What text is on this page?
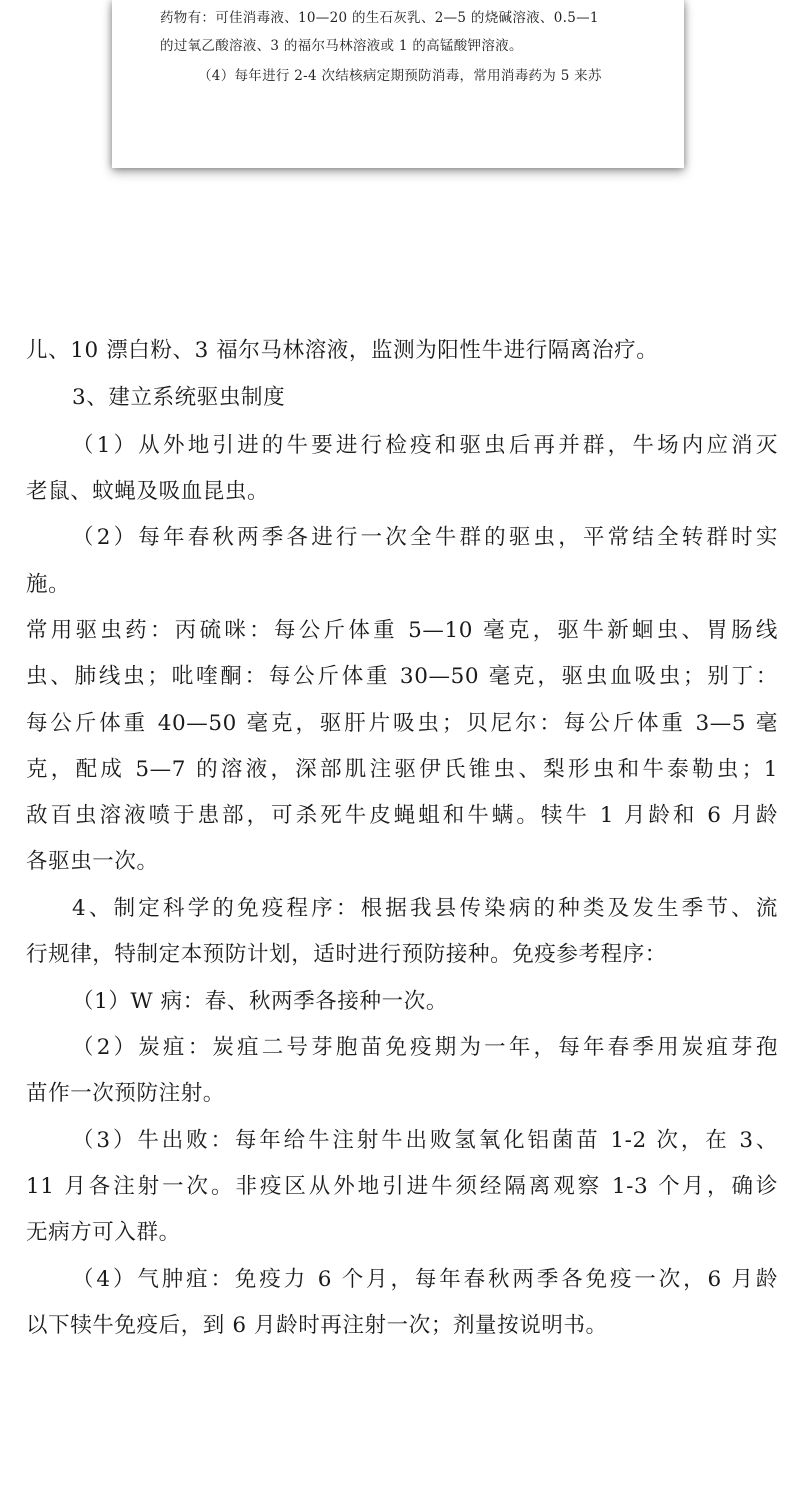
药物有：可佳消毒液、10—20 的生石灰乳、2—5 的烧碱溶液、0.5—1
的过氧乙酸溶液、3 的福尔马林溶液或 1 的高锰酸钾溶液。
（4）每年进行 2-4 次结核病定期预防消毒，常用消毒药为 5 来苏
儿、10 漂白粉、3 福尔马林溶液，监测为阳性牛进行隔离治疗。
3、建立系统驱虫制度
（1）从外地引进的牛要进行检疫和驱虫后再并群，牛场内应消灭
老鼠、蚊蝇及吸血昆虫。
（2）每年春秋两季各进行一次全牛群的驱虫，平常结全转群时实
施。
常用驱虫药：丙硫咪：每公斤体重 5—10 毫克，驱牛新蛔虫、胃肠线
虫、肺线虫；吡喹酮：每公斤体重 30—50 毫克，驱虫血吸虫；别丁：
每公斤体重 40—50 毫克，驱肝片吸虫；贝尼尔：每公斤体重 3—5 毫
克，配成 5—7 的溶液，深部肌注驱伊氏锥虫、梨形虫和牛泰勒虫；1
敌百虫溶液喷于患部，可杀死牛皮蝇蛆和牛螨。犊牛 1 月龄和 6 月龄
各驱虫一次。
4、制定科学的免疫程序：根据我县传染病的种类及发生季节、流
行规律，特制定本预防计划，适时进行预防接种。免疫参考程序：
（1）W 病：春、秋两季各接种一次。
（2）炭疽：炭疽二号芽胞苗免疫期为一年，每年春季用炭疽芽孢
苗作一次预防注射。
（3）牛出败：每年给牛注射牛出败氢氧化铝菌苗 1-2 次，在 3、
11 月各注射一次。非疫区从外地引进牛须经隔离观察 1-3 个月，确诊
无病方可入群。
（4）气肿疽：免疫力 6 个月，每年春秋两季各免疫一次，6 月龄
以下犊牛免疫后，到 6 月龄时再注射一次；剂量按说明书。
